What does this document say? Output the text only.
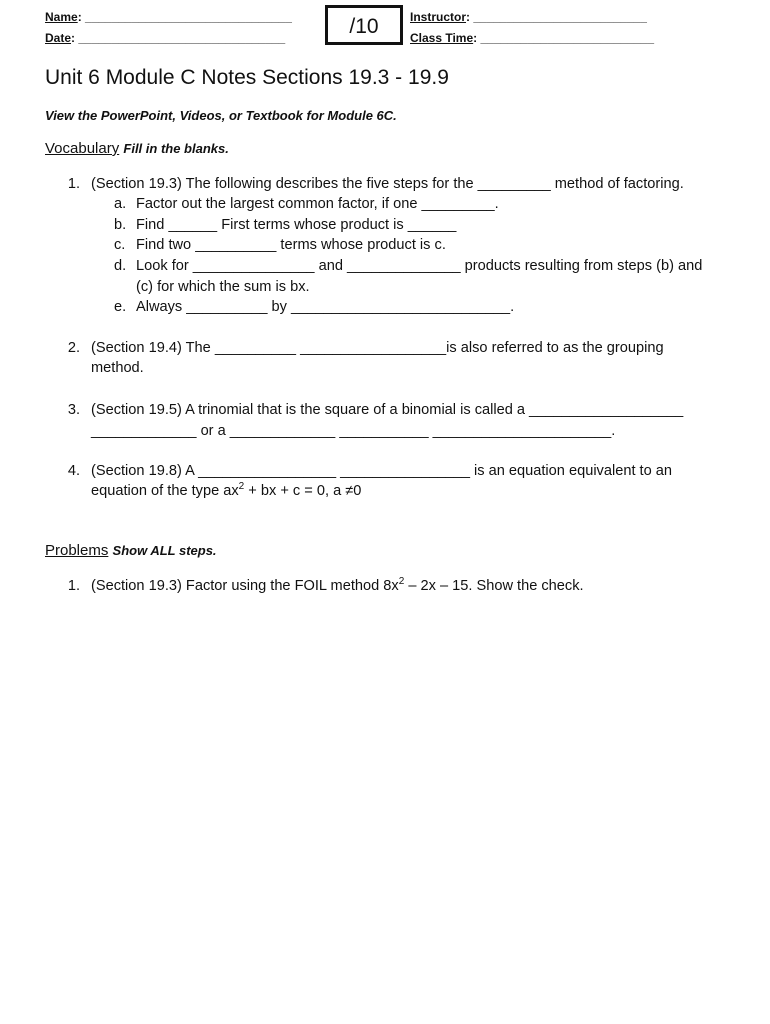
Name: _______________________________
Date: _______________________________	/10	Instructor: __________________________
Class Time: __________________________
Unit 6 Module C Notes Sections 19.3 - 19.9
View the PowerPoint, Videos, or Textbook for Module 6C.
Vocabulary Fill in the blanks.
1. (Section 19.3) The following describes the five steps for the _________ method of factoring.
a. Factor out the largest common factor, if one _________.
b. Find ______ First terms whose product is ______
c. Find two __________ terms whose product is c.
d. Look for _______________ and ______________ products resulting from steps (b) and
(c) for which the sum is bx.
e. Always __________ by ___________________________.
2. (Section 19.4) The __________ __________________is also referred to as the grouping
method.
3. (Section 19.5) A trinomial that is the square of a binomial is called a ___________________
_____________ or a _____________ ___________ ______________________.
4. (Section 19.8) A _________________ ________________ is an equation equivalent to an
equation of the type $ax^2$ + bx + c = 0, a ≠0
Problems Show ALL steps.
1. (Section 19.3) Factor using the FOIL method $8x^2 - 2x - 15$. Show the check.
